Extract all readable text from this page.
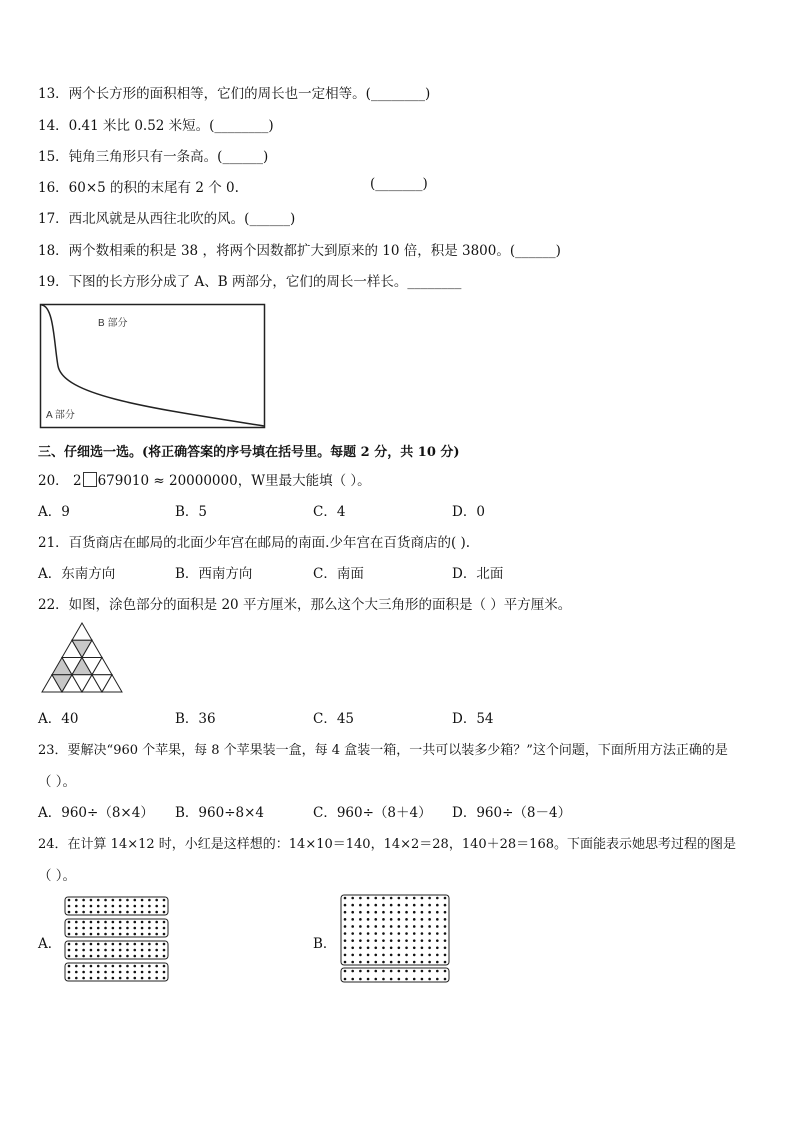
13．两个长方形的面积相等，它们的周长也一定相等。(________)
14．0.41 米比 0.52 米短。(________)
15．钝角三角形只有一条高。(______)
16．60×5 的积的末尾有 2 个 0.	(_______)
17．西北风就是从西往北吹的风。(______)
18．两个数相乘的积是 38 ，将两个因数都扩大到原来的 10 倍，积是 3800。(______)
19．下图的长方形分成了 A、B 两部分，它们的周长一样长。________
B 部分
A 部分
三、仔细选一选。(将正确答案的序号填在括号里。每题 2 分，共 10 分)
20． 2 679010 ≈ 20000000，W里最大能填（ ）。
A．9	B．5	C．4	D．0
21．百货商店在邮局的北面少年宫在邮局的南面.少年宫在百货商店的( ).
A．东南方向	B．西南方向	C．南面	D．北面
22．如图，涂色部分的面积是 20 平方厘米，那么这个大三角形的面积是（ ）平方厘米。
A．40	B．36	C．45	D．54
23．要解决“960 个苹果，每 8 个苹果装一盒，每 4 盒装一箱，一共可以装多少箱？”这个问题，下面所用方法正确的是
（ ）。
A．960÷（8×4） B．960÷8×4	C．960÷（8＋4） D．960÷（8－4）
24．在计算 14×12 时，小红是这样想的：14×10＝140，14×2＝28，140＋28＝168。下面能表示她思考过程的图是
（ ）。
A．	B．
